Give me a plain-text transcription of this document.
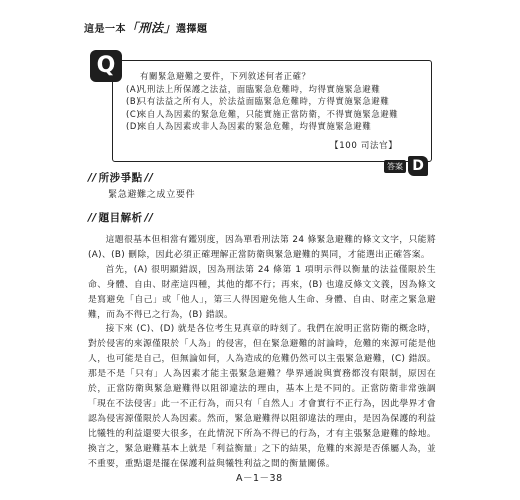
這是一本「刑法」選擇題
Q	有關緊急避難之要件，下列敘述何者正確？
(A)凡刑法上所保護之法益，面臨緊急危難時，均得實施緊急避難
(B)只有法益之所有人，於法益面臨緊急危難時，方得實施緊急避難
(C)來自人為因素的緊急危難，只能實施正當防衛，不得實施緊急避難
(D)來自人為因素或非人為因素的緊急危難，均得實施緊急避難
【100 司法官】
答案 D
// 所涉爭點 //
緊急避難之成立要件
// 題目解析 //

這題很基本但相當有鑑別度，因為單看刑法第 24 條緊急避難的條文文字，只能將 (A)、(B) 刪除，因此必須正確理解正當防衛與緊急避難的異同，才能選出正確答案。

首先，(A) 很明顯錯誤，因為刑法第 24 條第 1 項明示得以衡量的法益僅限於生命、身體、自由、財產這四種，其他的都不行；再來，(B) 也違反條文文義，因為條文是寫避免「自己」或「他人」，第三人得因避免他人生命、身體、自由、財產之緊急避難，而為不得已之行為，(B) 錯誤。

接下來 (C)、(D) 就是各位考生見真章的時刻了。我們在說明正當防衛的概念時，對於侵害的來源僅限於「人為」的侵害，但在緊急避難的討論時，危難的來源可能是他人，也可能是自己，但無論如何，人為造成的危難仍然可以主張緊急避難，(C) 錯誤。那是不是「只有」人為因素才能主張緊急避難？學界通說與實務都沒有限制，原因在於，正當防衛與緊急避難得以阻卻違法的理由，基本上是不同的。正當防衛非常強調「現在不法侵害」此一不正行為，而只有「自然人」才會實行不正行為，因此學界才會認為侵害源僅限於人為因素。然而，緊急避難得以阻卻違法的理由，是因為保護的利益比犧牲的利益還要大很多，在此情況下所為不得已的行為，才有主張緊急避難的餘地。換言之，緊急避難基本上就是「利益衡量」之下的結果，危難的來源是否係屬人為，並不重要，重點還是擺在保護利益與犧牲利益之間的衡量關係。

A－1－38
